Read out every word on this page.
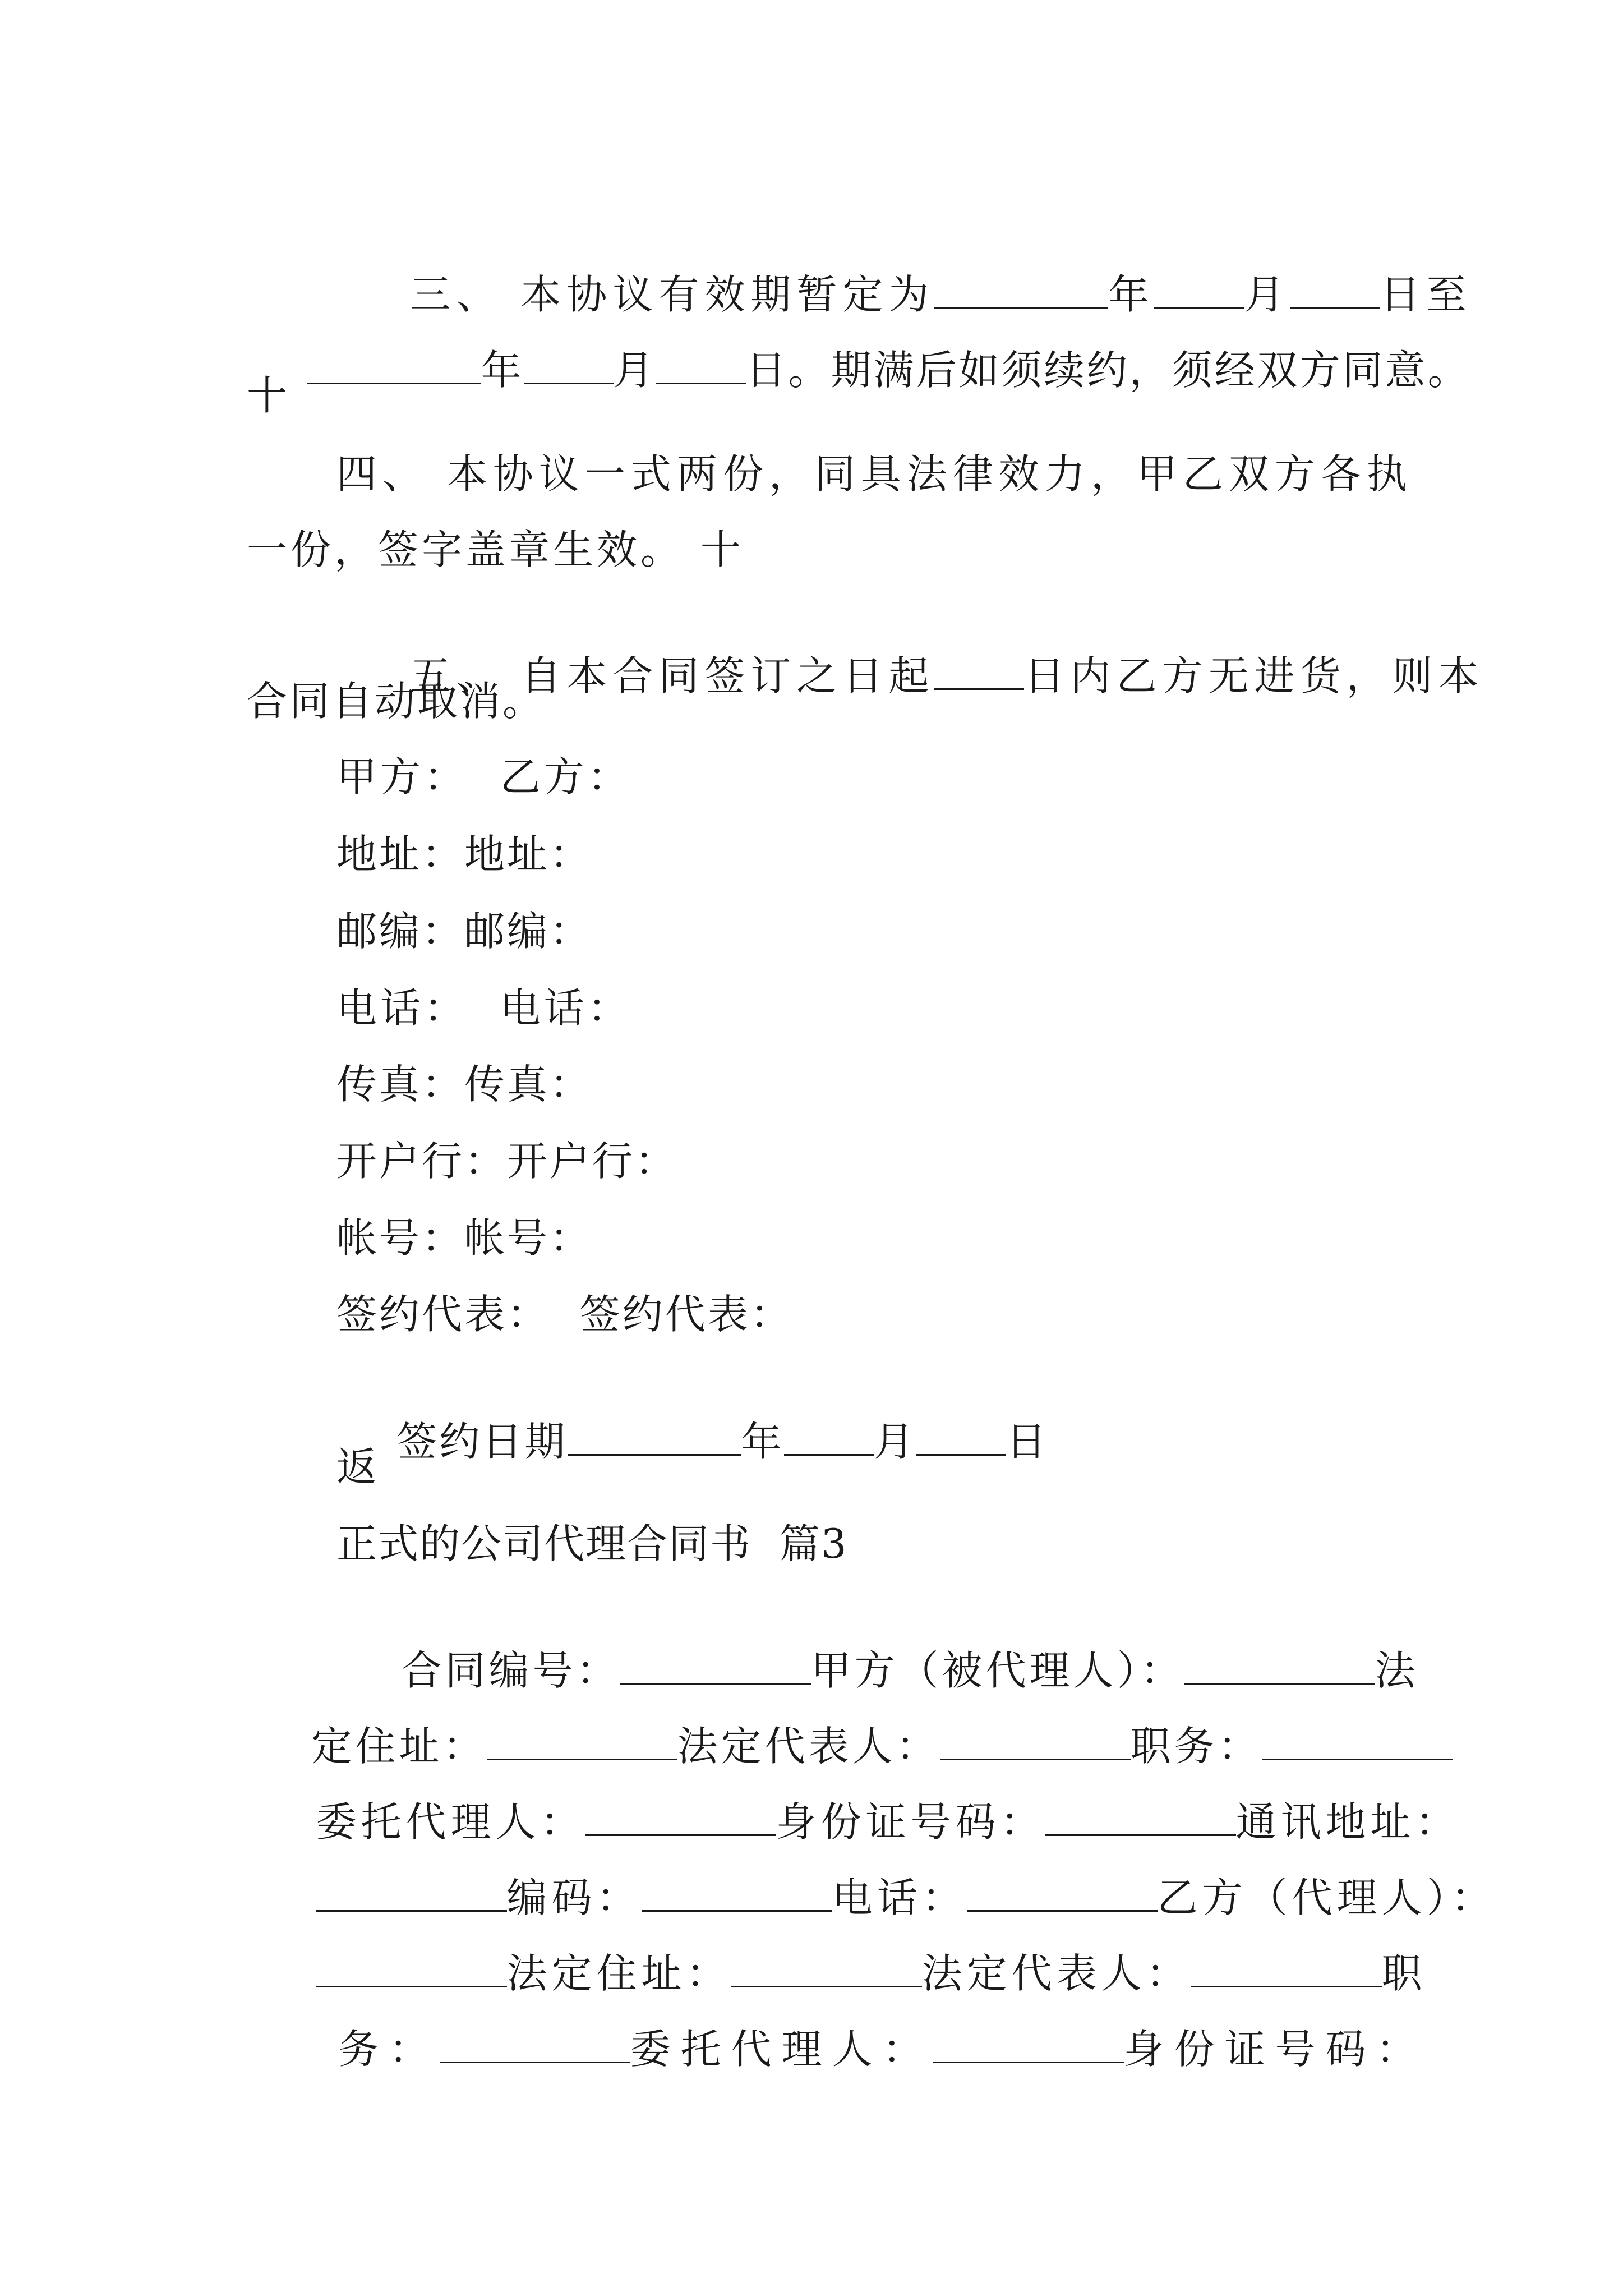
三、 本协议有效期暂定为	年 月 日至

年 月 日。期满后如须续约，须经双方同意。

十
四、 本协议一式两份，同具法律效力，甲乙双方各执
一份，签字盖章生效。 十

五、 自本合同签订之日起 日内乙方无进货，则本

合同自动取消。
甲方：  乙方：
地址：地址：
邮编：邮编：
电话：  电话：
传真：传真：
开户行：开户行：
帐号：帐号：
签约代表：  签约代表：

签约日期	年 月 日

返
正式的公司代理合同书  篇3

合同编号：	甲方（被代理人）：	法

定住址：	法定代表人：	职务：

委托代理人：	身份证号码：	通讯地址：

编码：	电话：	乙方（代理人）：

法定住址：	法定代表人：	职

务：	委托代理人：	身份证号码：
